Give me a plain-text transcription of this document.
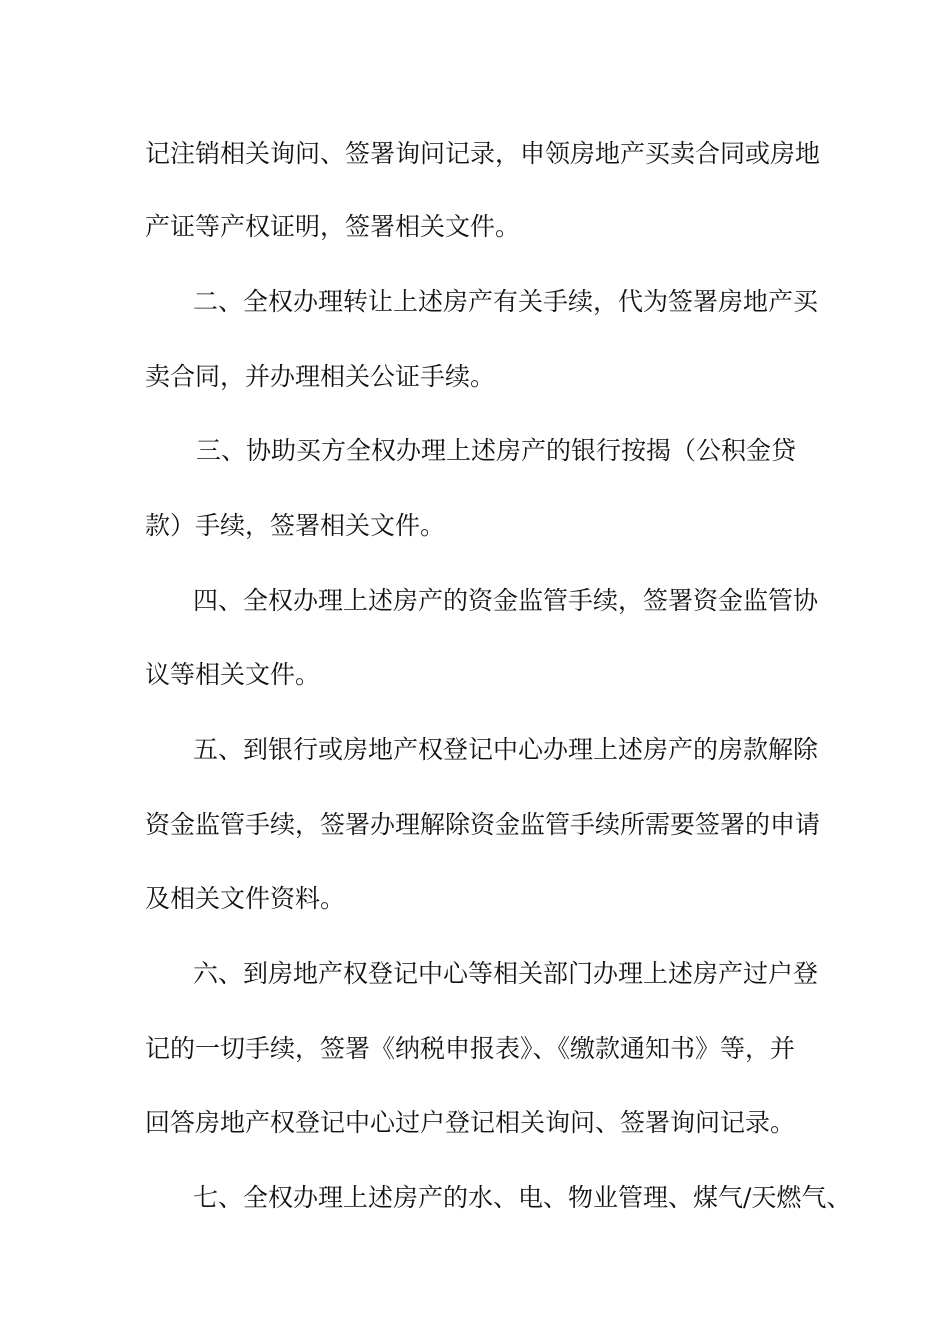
记注销相关询问、签署询问记录，申领房地产买卖合同或房地
产证等产权证明，签署相关文件。
二、全权办理转让上述房产有关手续，代为签署房地产买
卖合同，并办理相关公证手续。
三、协助买方全权办理上述房产的银行按揭（公积金贷
款）手续，签署相关文件。
四、全权办理上述房产的资金监管手续，签署资金监管协
议等相关文件。
五、到银行或房地产权登记中心办理上述房产的房款解除
资金监管手续，签署办理解除资金监管手续所需要签署的申请
及相关文件资料。
六、到房地产权登记中心等相关部门办理上述房产过户登
记的一切手续，签署《纳税申报表》、《缴款通知书》等，并
回答房地产权登记中心过户登记相关询问、签署询问记录。
七、全权办理上述房产的水、电、物业管理、煤气/天燃气、
